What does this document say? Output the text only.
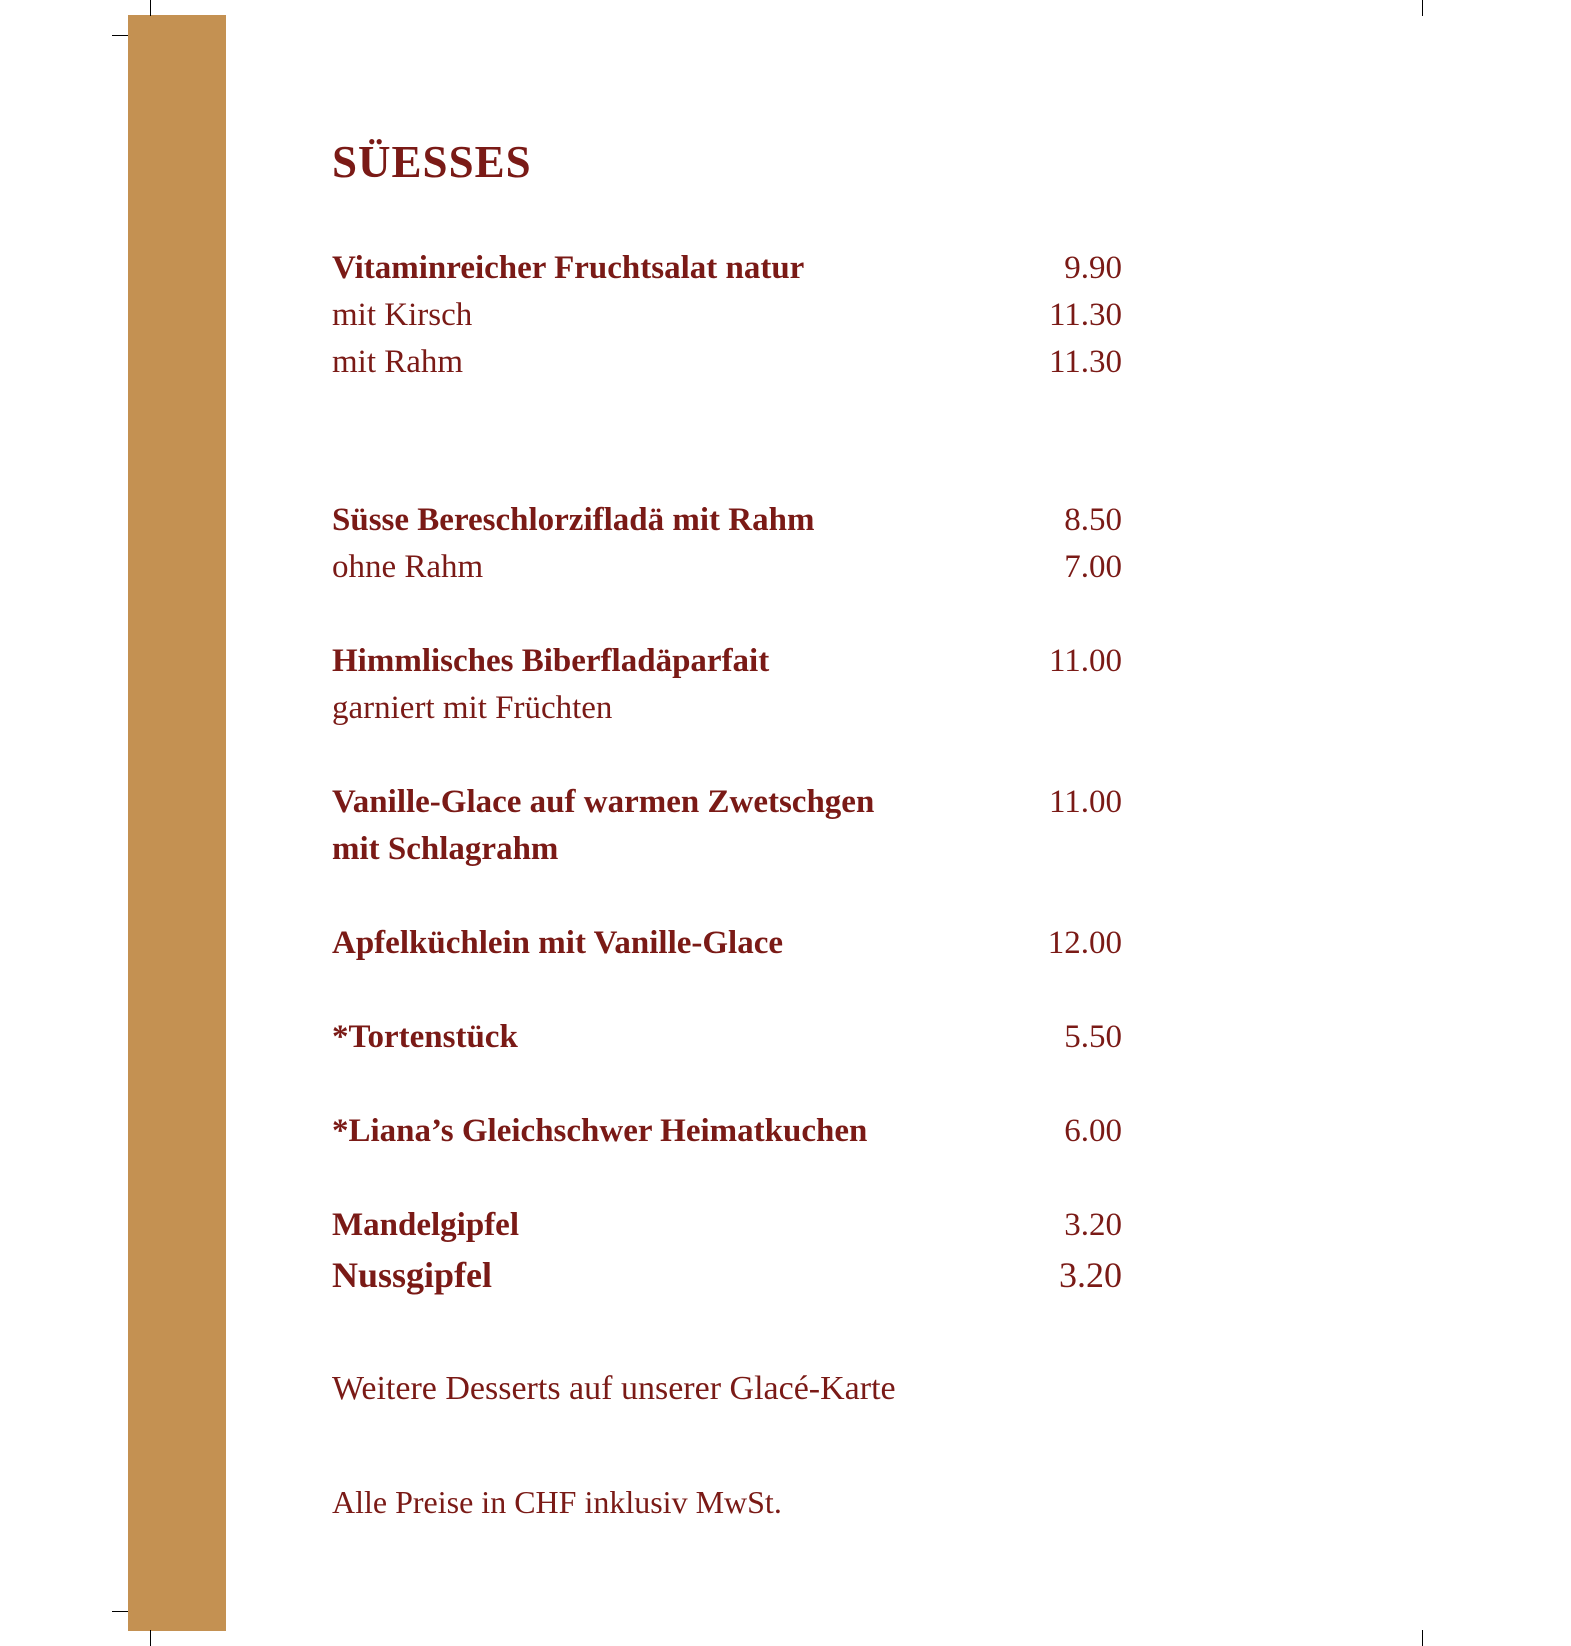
SÜESSES
Vitaminreicher Fruchtsalat natur	9.90
mit Kirsch	11.30
mit Rahm	11.30
Süsse Bereschlorzifladä mit Rahm	8.50
ohne Rahm	7.00
Himmlisches Biberfladäparfait	11.00
garniert mit Früchten
Vanille-Glace auf warmen Zwetschgen	11.00
mit Schlagrahm
Apfelküchlein mit Vanille-Glace	12.00
*Tortenstück	5.50
*Liana’s Gleichschwer Heimatkuchen	6.00
Mandelgipfel	3.20
Nussgipfel	3.20
Weitere Desserts auf unserer Glacé-Karte
Alle Preise in CHF inklusiv MwSt.
